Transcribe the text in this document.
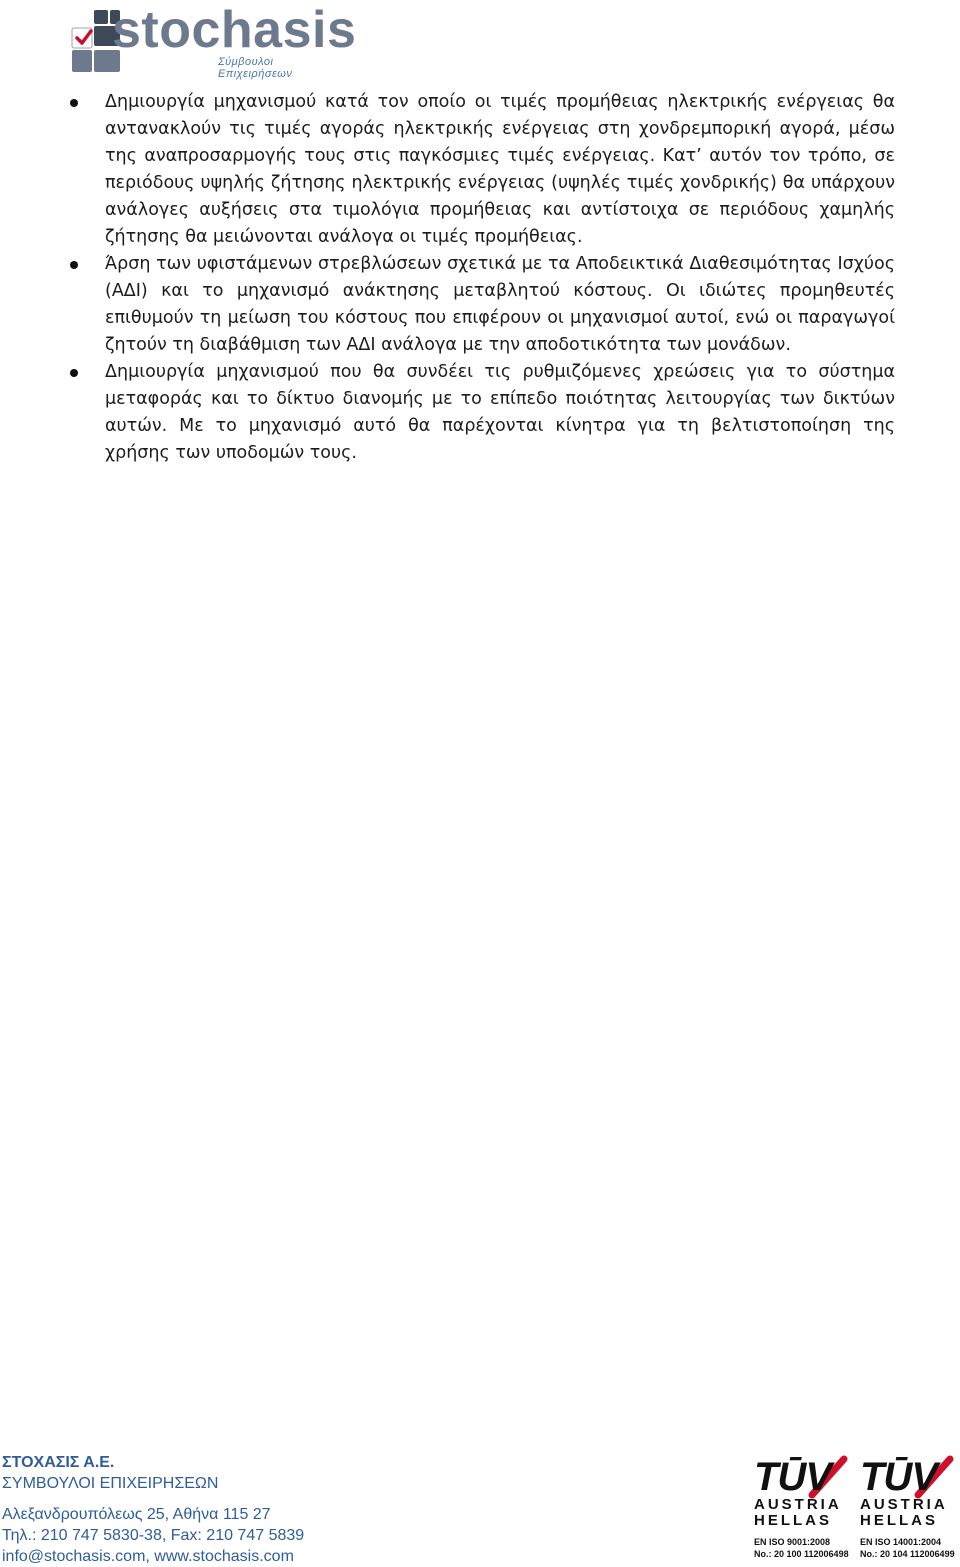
stochasis
Σύμβουλοι Επιχειρήσεων
Δημιουργία μηχανισμού κατά τον οποίο οι τιμές προμήθειας ηλεκτρικής ενέργειας θα αντανακλούν τις τιμές αγοράς ηλεκτρικής ενέργειας στη χονδρεμπορική αγορά, μέσω της αναπροσαρμογής τους στις παγκόσμιες τιμές ενέργειας. Κατ’ αυτόν τον τρόπο, σε περιόδους υψηλής ζήτησης ηλεκτρικής ενέργειας (υψηλές τιμές χονδρικής) θα υπάρχουν ανάλογες αυξήσεις στα τιμολόγια προμήθειας και αντίστοιχα σε περιόδους χαμηλής ζήτησης θα μειώνονται ανάλογα οι τιμές προμήθειας.
Άρση των υφιστάμενων στρεβλώσεων σχετικά με τα Αποδεικτικά Διαθεσιμότητας Ισχύος (ΑΔΙ) και το μηχανισμό ανάκτησης μεταβλητού κόστους. Οι ιδιώτες προμηθευτές επιθυμούν τη μείωση του κόστους που επιφέρουν οι μηχανισμοί αυτοί, ενώ οι παραγωγοί ζητούν τη διαβάθμιση των ΑΔΙ ανάλογα με την αποδοτικότητα των μονάδων.
Δημιουργία μηχανισμού που θα συνδέει τις ρυθμιζόμενες χρεώσεις για το σύστημα μεταφοράς και το δίκτυο διανομής με το επίπεδο ποιότητας λειτουργίας των δικτύων αυτών. Με το μηχανισμό αυτό θα παρέχονται κίνητρα για τη βελτιστοποίηση της χρήσης των υποδομών τους.
ΣΤΟΧΑΣΙΣ Α.Ε.
ΣΥΜΒΟΥΛΟΙ ΕΠΙΧΕΙΡΗΣΕΩΝ
Αλεξανδρουπόλεως 25, Αθήνα 115 27
Τηλ.: 210 747 5830-38, Fax: 210 747 5839
info@stochasis.com, www.stochasis.com
TŪV
AUSTRIA
HELLAS
EN ISO 9001:2008
No.: 20 100 112006498
TŪV
AUSTRIA
HELLAS
EN ISO 14001:2004
No.: 20 104 112006499
